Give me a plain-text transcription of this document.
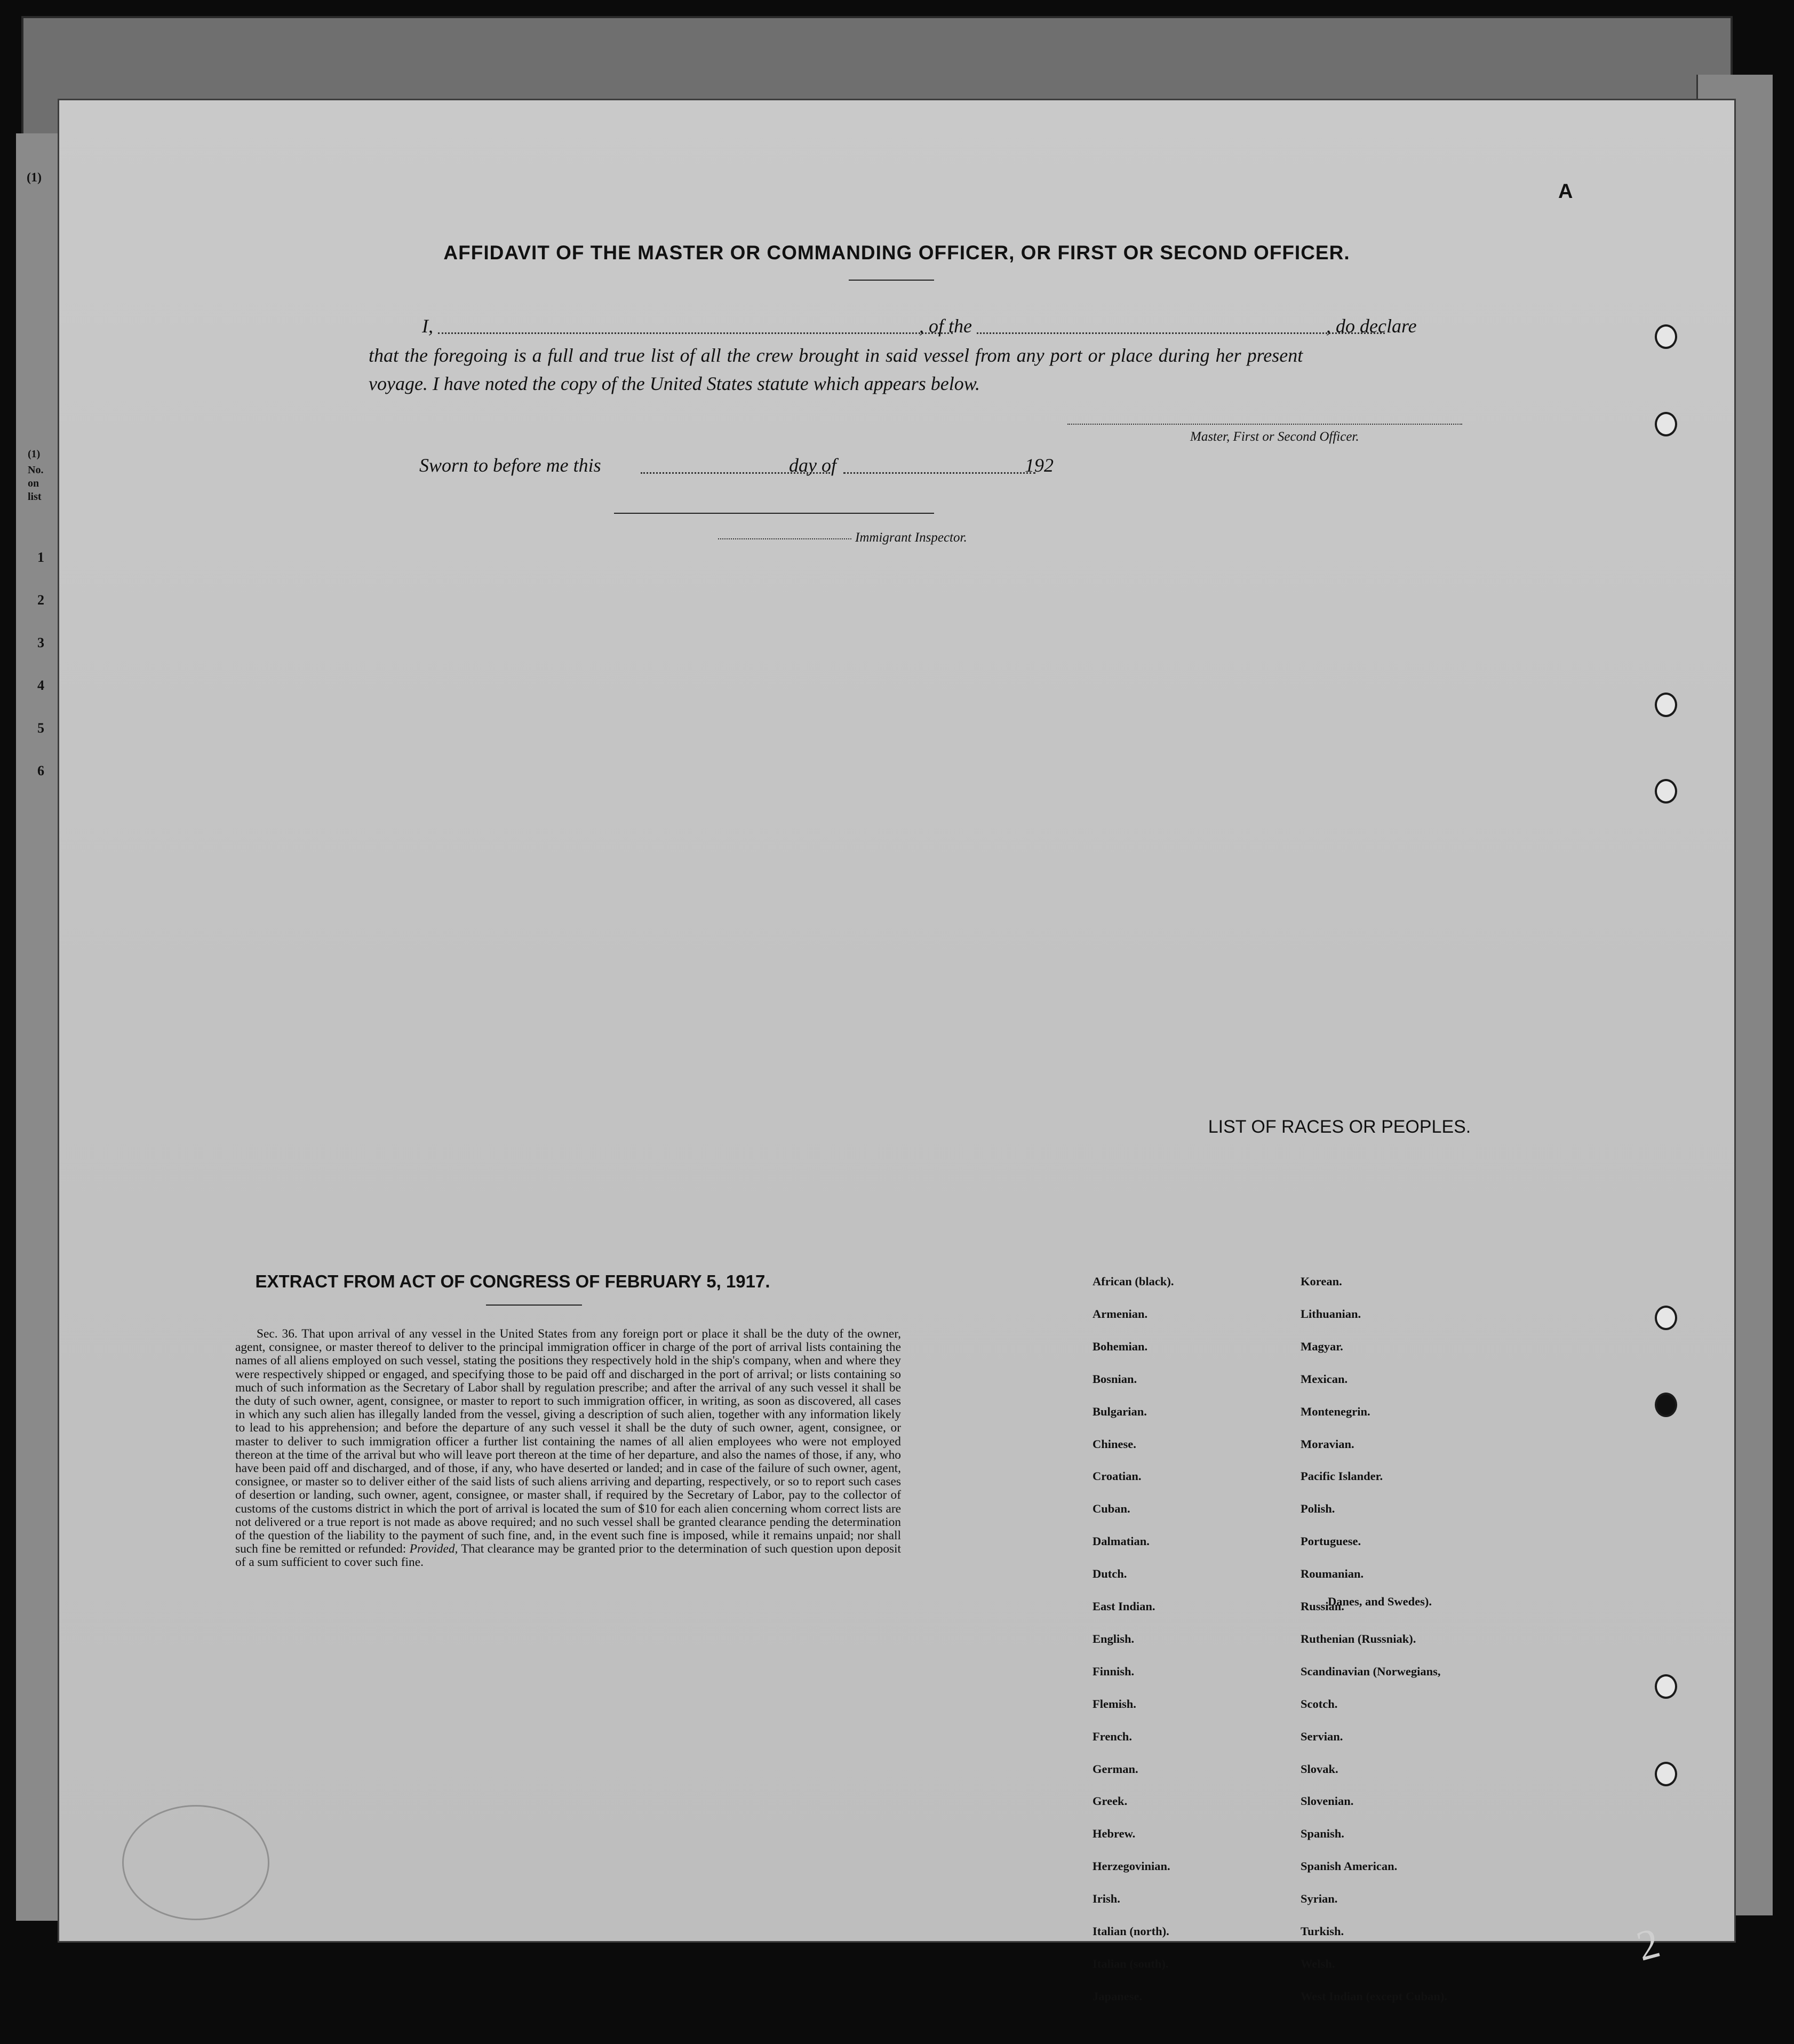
(1)
(1)
No.
on
list
1
2
3
4
5
6
A
AFFIDAVIT OF THE MASTER OR COMMANDING OFFICER, OR FIRST OR SECOND OFFICER.
I,	, of the	, do declare
that the foregoing is a full and true list of all the crew brought in said vessel from any port or place during her present
voyage. I have noted the copy of the United States statute which appears below.
Master, First or Second Officer.
Sworn to before me this	day of	192
Immigrant Inspector.
EXTRACT FROM ACT OF CONGRESS OF FEBRUARY 5, 1917.
Sec. 36. That upon arrival of any vessel in the United States from any foreign port or place it shall be the duty of the owner, agent, consignee, or master thereof to deliver to the principal immigration officer in charge of the port of arrival lists containing the names of all aliens employed on such vessel, stating the positions they respectively hold in the ship's company, when and where they were respectively shipped or engaged, and specifying those to be paid off and discharged in the port of arrival; or lists containing so much of such information as the Secretary of Labor shall by regulation prescribe; and after the arrival of any such vessel it shall be the duty of such owner, agent, consignee, or master to report to such immigration officer, in writing, as soon as discovered, all cases in which any such alien has illegally landed from the vessel, giving a description of such alien, together with any information likely to lead to his apprehension; and before the departure of any such vessel it shall be the duty of such owner, agent, consignee, or master to deliver to such immigration officer a further list containing the names of all alien employees who were not employed thereon at the time of the arrival but who will leave port thereon at the time of her departure, and also the names of those, if any, who have been paid off and discharged, and of those, if any, who have deserted or landed; and in case of the failure of such owner, agent, consignee, or master so to deliver either of the said lists of such aliens arriving and departing, respectively, or so to report such cases of desertion or landing, such owner, agent, consignee, or master shall, if required by the Secretary of Labor, pay to the collector of customs of the customs district in which the port of arrival is located the sum of $10 for each alien concerning whom correct lists are not delivered or a true report is not made as above required; and no such vessel shall be granted clearance pending the determination of the question of the liability to the payment of such fine, and, in the event such fine is imposed, while it remains unpaid; nor shall such fine be remitted or refunded: Provided, That clearance may be granted prior to the determination of such question upon deposit of a sum sufficient to cover such fine.
LIST OF RACES OR PEOPLES.
Danes, and Swedes).
African (black).
Armenian.
Bohemian.
Bosnian.
Bulgarian.
Chinese.
Croatian.
Cuban.
Dalmatian.
Dutch.
East Indian.
English.
Finnish.
Flemish.
French.
German.
Greek.
Hebrew.
Herzegovinian.
Irish.
Italian (north).
Italian (south).
Japanese.
Korean.
Lithuanian.
Magyar.
Mexican.
Montenegrin.
Moravian.
Pacific Islander.
Polish.
Portuguese.
Roumanian.
Russian.
Ruthenian (Russniak).
Scandinavian (Norwegians,
Scotch.
Servian.
Slovak.
Slovenian.
Spanish.
Spanish American.
Syrian.
Turkish.
Welsh.
West Indian (except Cuban).
2
